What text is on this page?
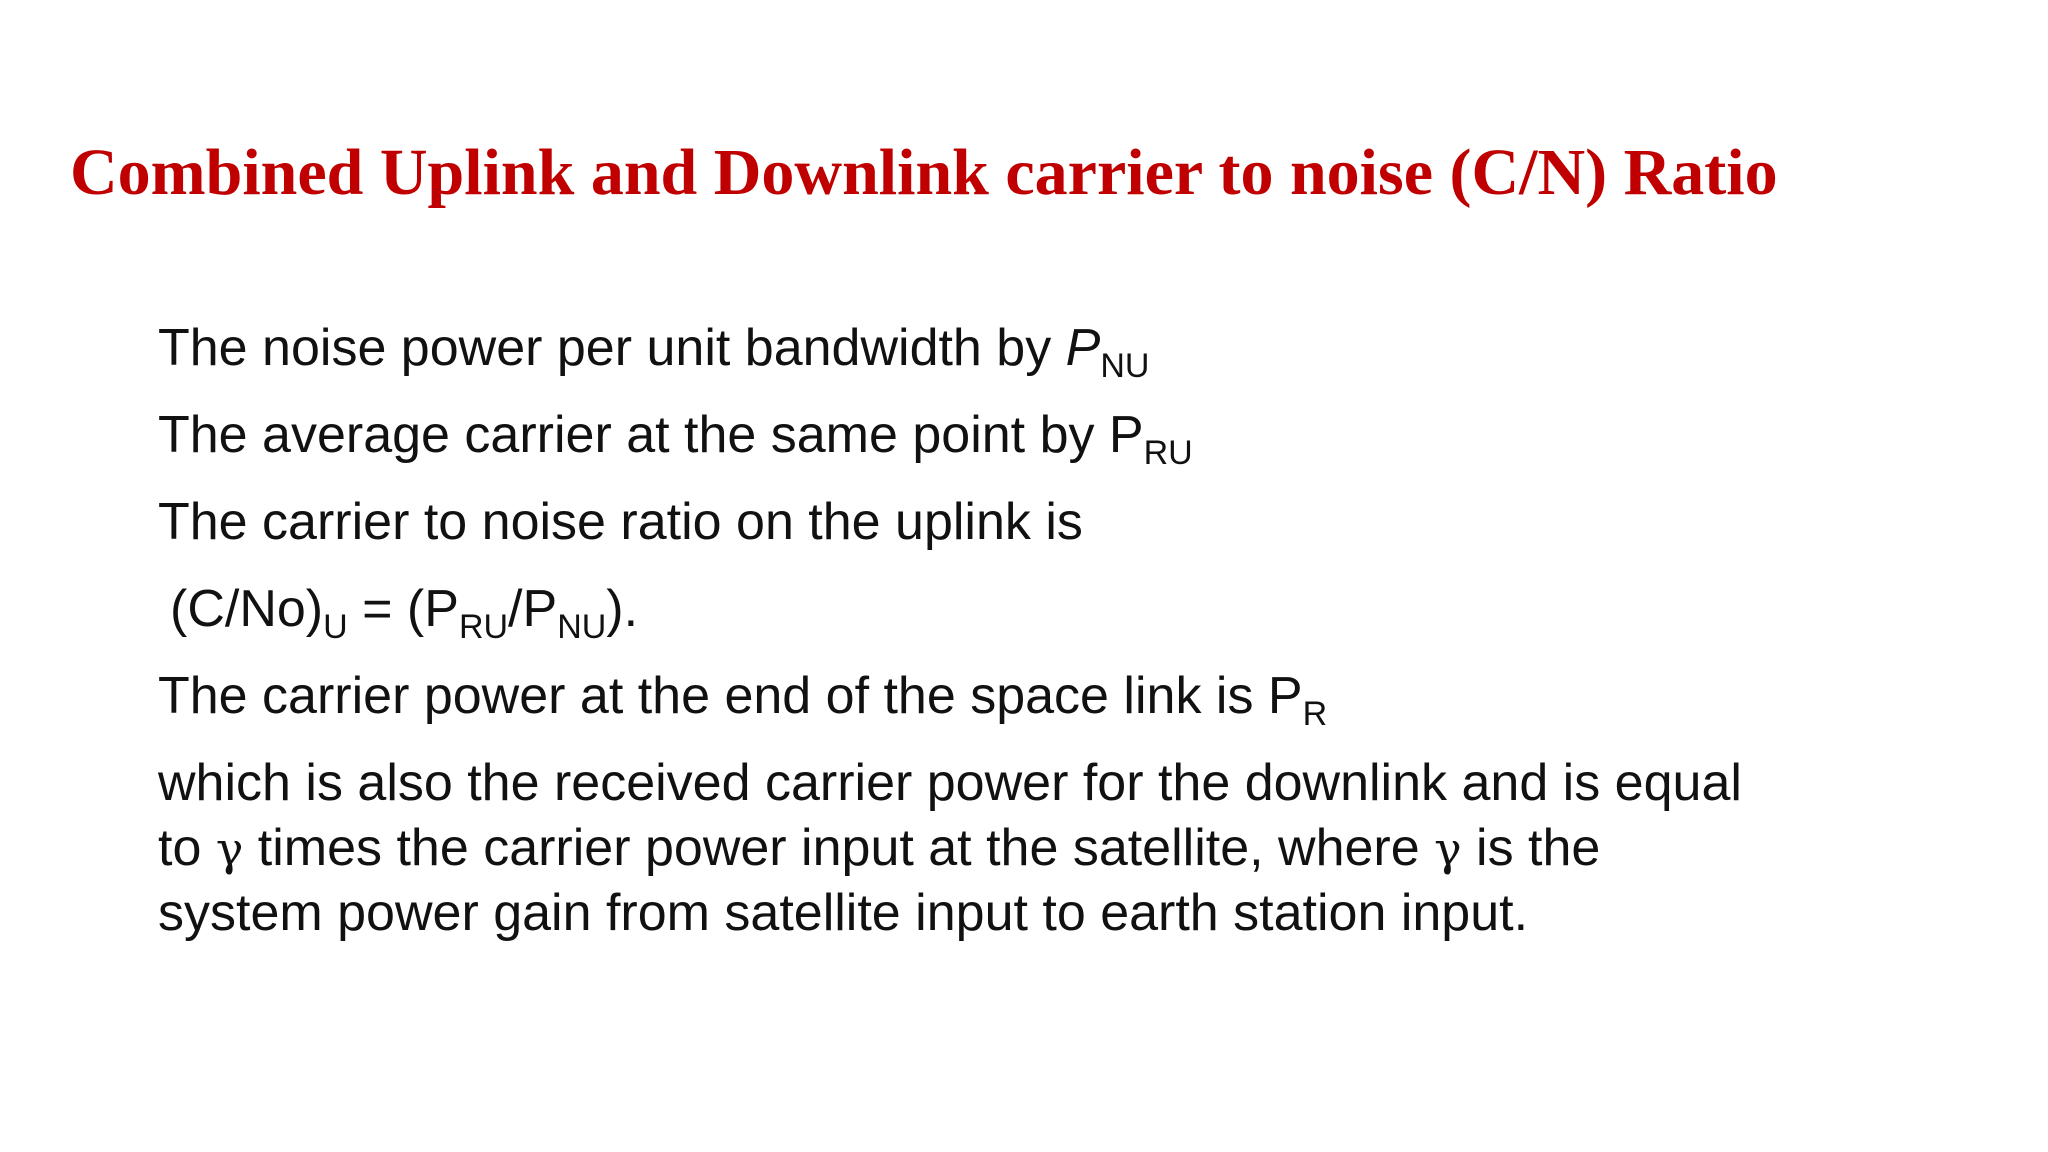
Combined Uplink and Downlink carrier to noise (C/N) Ratio
The noise power per unit bandwidth by $P_{NU}$
The average carrier at the same point by $P_{RU}$
The carrier to noise ratio on the uplink is
$(C/No)_U = (P_{RU}/P_{NU})$.
The carrier power at the end of the space link is $P_R$
which is also the received carrier power for the downlink and is equal
to γ times the carrier power input at the satellite, where γ is the
system power gain from satellite input to earth station input.
